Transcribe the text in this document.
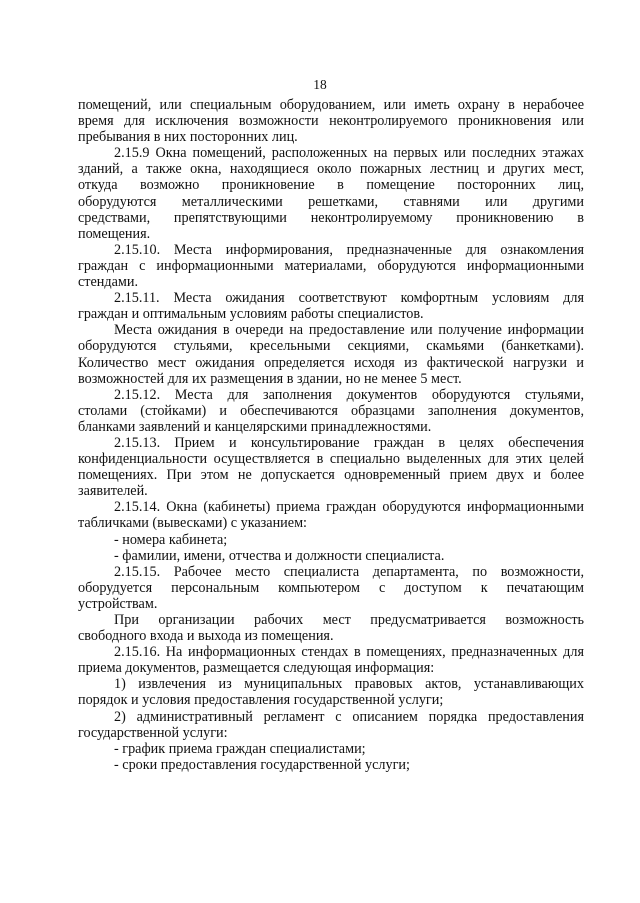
18
помещений, или специальным оборудованием, или иметь охрану в нерабочее
время для исключения возможности неконтролируемого проникновения или
пребывания в них посторонних лиц.
2.15.9 Окна помещений, расположенных на первых или последних этажах
зданий, а также окна, находящиеся около пожарных лестниц и других мест,
откуда возможно проникновение в помещение посторонних лиц,
оборудуются металлическими решетками, ставнями или другими
средствами, препятствующими неконтролируемому проникновению в
помещения.
2.15.10. Места информирования, предназначенные для ознакомления
граждан с информационными материалами, оборудуются информационными
стендами.
2.15.11. Места ожидания соответствуют комфортным условиям для
граждан и оптимальным условиям работы специалистов.
Места ожидания в очереди на предоставление или получение информации
оборудуются стульями, кресельными секциями, скамьями (банкетками).
Количество мест ожидания определяется исходя из фактической нагрузки и
возможностей для их размещения в здании, но не менее 5 мест.
2.15.12. Места для заполнения документов оборудуются стульями,
столами (стойками) и обеспечиваются образцами заполнения документов,
бланками заявлений и канцелярскими принадлежностями.
2.15.13. Прием и консультирование граждан в целях обеспечения
конфиденциальности осуществляется в специально выделенных для этих целей
помещениях. При этом не допускается одновременный прием двух и более
заявителей.
2.15.14. Окна (кабинеты) приема граждан оборудуются информационными
табличками (вывесками) с указанием:
- номера кабинета;
- фамилии, имени, отчества и должности специалиста.
2.15.15. Рабочее место специалиста департамента, по возможности,
оборудуется персональным компьютером с доступом к печатающим
устройствам.
При организации рабочих мест предусматривается возможность
свободного входа и выхода из помещения.
2.15.16. На информационных стендах в помещениях, предназначенных для
приема документов, размещается следующая информация:
1) извлечения из муниципальных правовых актов, устанавливающих
порядок и условия предоставления государственной услуги;
2) административный регламент с описанием порядка предоставления
государственной услуги:
- график приема граждан специалистами;
- сроки предоставления государственной услуги;
